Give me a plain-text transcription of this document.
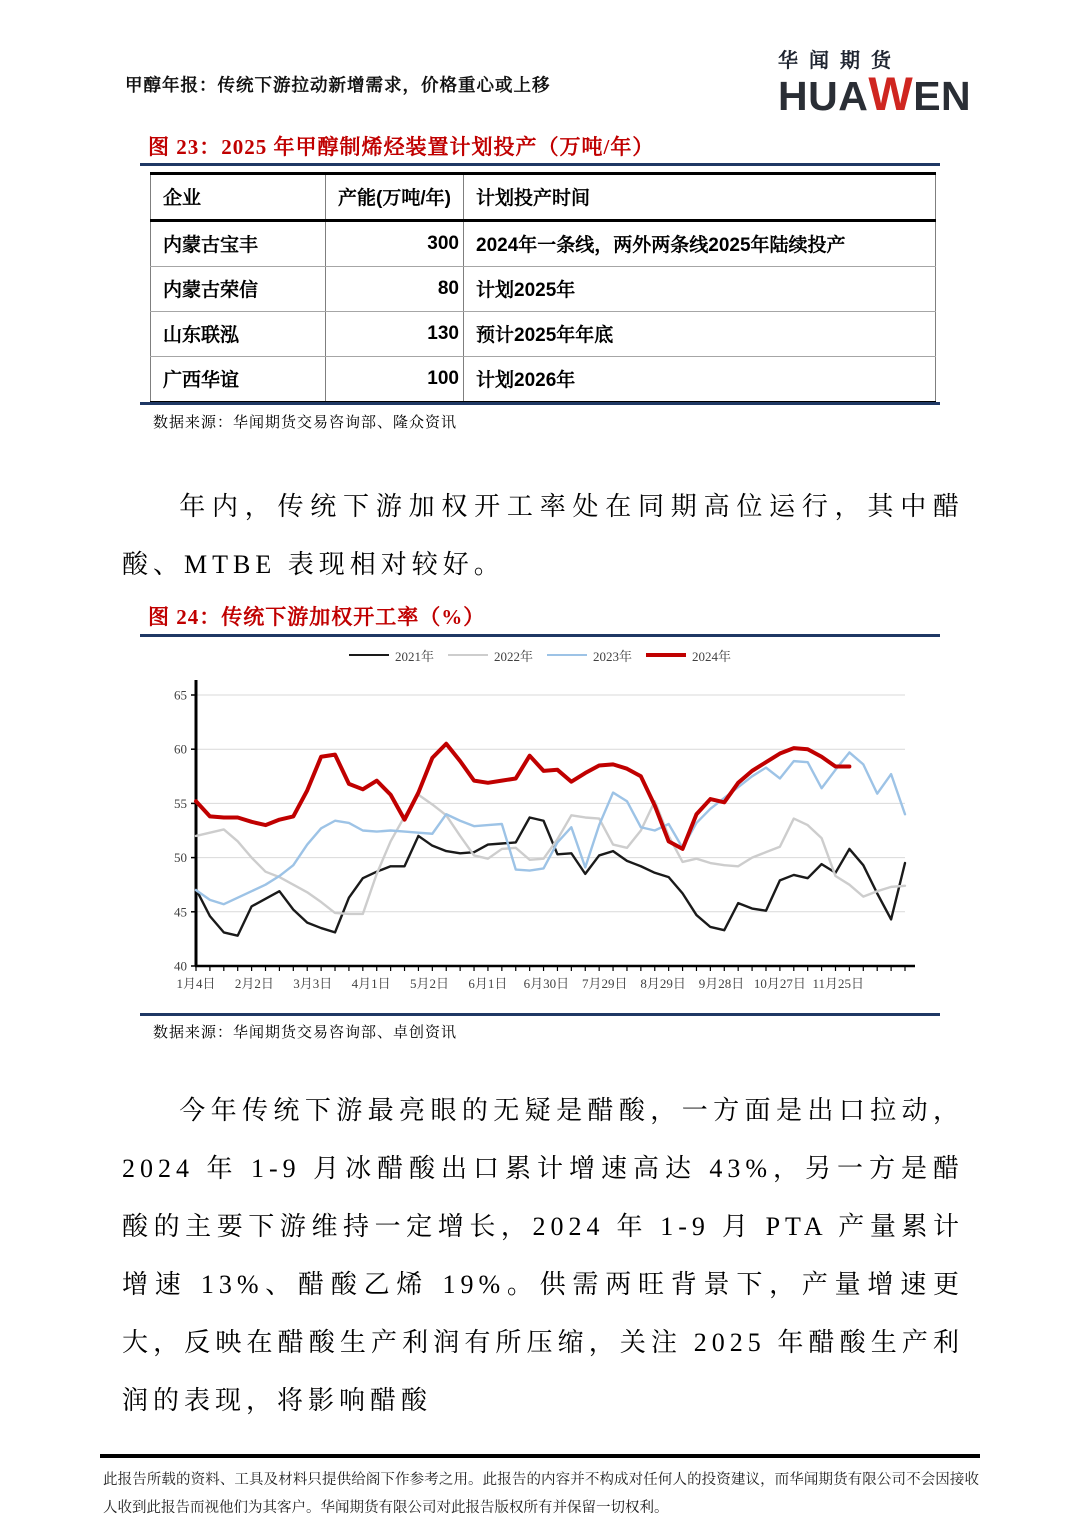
甲醇年报：传统下游拉动新增需求，价格重心或上移
华闻期货
HUAWEN
图 23：2025 年甲醇制烯烃装置计划投产（万吨/年）
企业	产能(万吨/年)	计划投产时间
内蒙古宝丰	300	2024年一条线，两外两条线2025年陆续投产
内蒙古荣信	80	计划2025年
山东联泓	130	预计2025年年底
广西华谊	100	计划2026年
数据来源：华闻期货交易咨询部、隆众资讯
年内，传统下游加权开工率处在同期高位运行，其中醋酸、MTBE 表现相对较好。
图 24：传统下游加权开工率（%）
2021年	2022年	2023年	2024年
40
45
50
55
60
65
1月4日 2月2日 3月3日 4月1日 5月2日 6月1日 6月30日 7月29日 8月29日 9月28日 10月27日 11月25日
数据来源：华闻期货交易咨询部、卓创资讯
今年传统下游最亮眼的无疑是醋酸，一方面是出口拉动，2024 年 1-9 月冰醋酸出口累计增速高达 43%，另一方是醋酸的主要下游维持一定增长，2024 年 1-9 月 PTA 产量累计增速 13%、醋酸乙烯 19%。供需两旺背景下，产量增速更大，反映在醋酸生产利润有所压缩，关注 2025 年醋酸生产利润的表现，将影响醋酸
此报告所载的资料、工具及材料只提供给阁下作参考之用。此报告的内容并不构成对任何人的投资建议，而华闻期货有限公司不会因接收人收到此报告而视他们为其客户。华闻期货有限公司对此报告版权所有并保留一切权利。
